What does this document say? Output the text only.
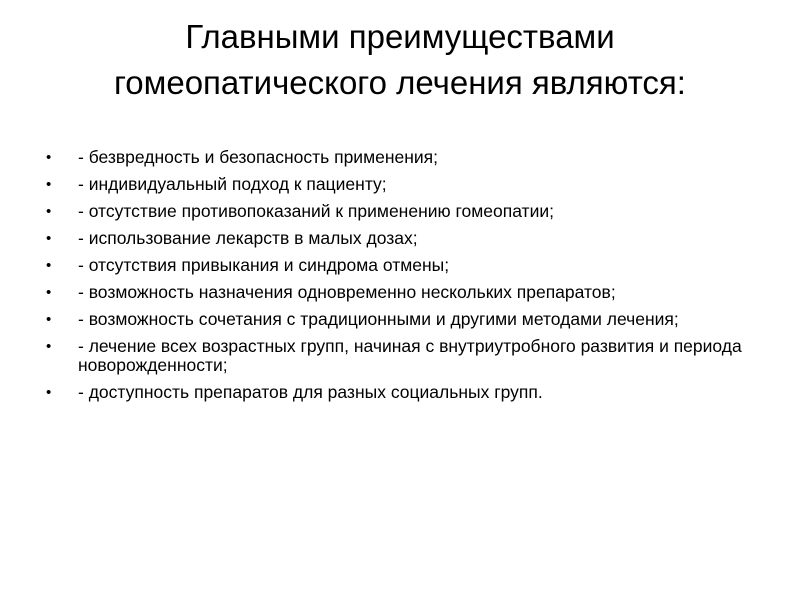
Главными преимуществами
гомеопатического лечения являются:
• - безвредность и безопасность применения;
• - индивидуальный подход к пациенту;
• - отсутствие противопоказаний к применению гомеопатии;
• - использование лекарств в малых дозах;
• - отсутствия привыкания и синдрома отмены;
• - возможность назначения одновременно нескольких препаратов;
• - возможность сочетания с традиционными и другими методами лечения;
• - лечение всех возрастных групп, начиная с внутриутробного развития и периода новорожденности;
• - доступность препаратов для разных социальных групп.
